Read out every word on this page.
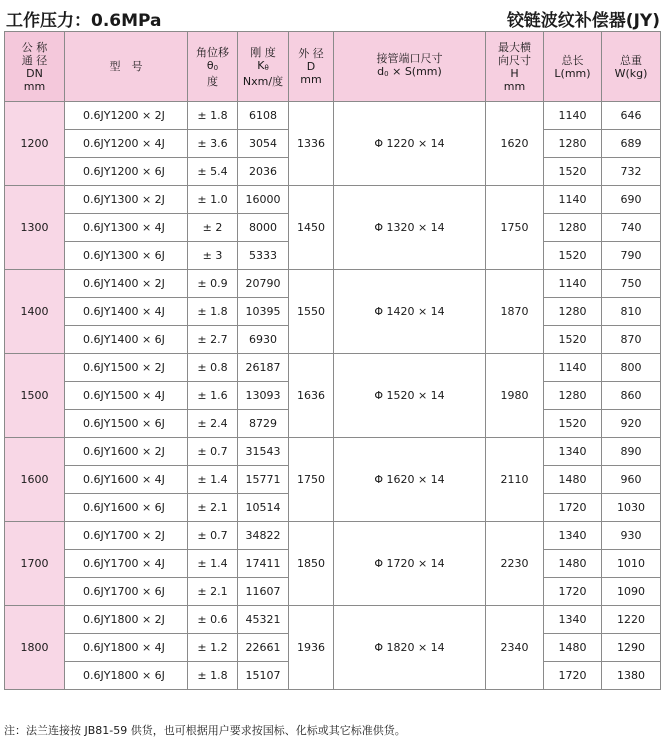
工作压力：0.6MPa	铰链波纹补偿器(JY)
公 称
通 径
DN
mm	型　号	角位移
θ0
度	刚 度
Kθ
Nxm/度	外 径
D
mm	接管端口尺寸
d0 × S(mm)	最大横
向尺寸
H
mm	总长
L(mm)	总重
W(kg)
1200	0.6JY1200 × 2J	± 1.8	6108	1336	Φ 1220 × 14	1620	1140	646
	0.6JY1200 × 4J	± 3.6	3054				1280	689
	0.6JY1200 × 6J	± 5.4	2036				1520	732
1300	0.6JY1300 × 2J	± 1.0	16000	1450	Φ 1320 × 14	1750	1140	690
	0.6JY1300 × 4J	± 2	8000				1280	740
	0.6JY1300 × 6J	± 3	5333				1520	790
1400	0.6JY1400 × 2J	± 0.9	20790	1550	Φ 1420 × 14	1870	1140	750
	0.6JY1400 × 4J	± 1.8	10395				1280	810
	0.6JY1400 × 6J	± 2.7	6930				1520	870
1500	0.6JY1500 × 2J	± 0.8	26187	1636	Φ 1520 × 14	1980	1140	800
	0.6JY1500 × 4J	± 1.6	13093				1280	860
	0.6JY1500 × 6J	± 2.4	8729				1520	920
1600	0.6JY1600 × 2J	± 0.7	31543	1750	Φ 1620 × 14	2110	1340	890
	0.6JY1600 × 4J	± 1.4	15771				1480	960
	0.6JY1600 × 6J	± 2.1	10514				1720	1030
1700	0.6JY1700 × 2J	± 0.7	34822	1850	Φ 1720 × 14	2230	1340	930
	0.6JY1700 × 4J	± 1.4	17411				1480	1010
	0.6JY1700 × 6J	± 2.1	11607				1720	1090
1800	0.6JY1800 × 2J	± 0.6	45321	1936	Φ 1820 × 14	2340	1340	1220
	0.6JY1800 × 4J	± 1.2	22661				1480	1290
	0.6JY1800 × 6J	± 1.8	15107				1720	1380
注：法兰连接按 JB81-59 供货，也可根据用户要求按国标、化标或其它标准供货。
